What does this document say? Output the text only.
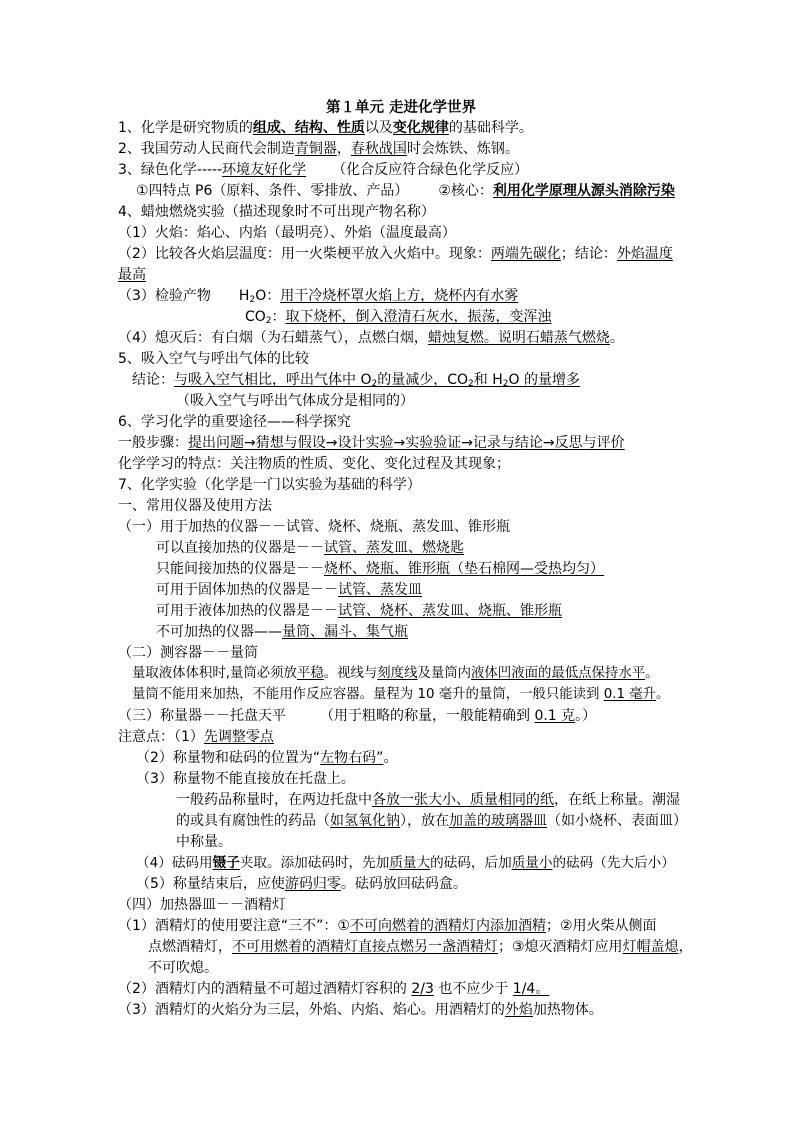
第１单元 走进化学世界
1、化学是研究物质的组成、结构、性质以及变化规律的基础科学。
2、我国劳动人民商代会制造青铜器，春秋战国时会炼铁、炼钢。
3、绿色化学-----环境友好化学 （化合反应符合绿色化学反应）
①四特点 P6（原料、条件、零排放、产品） ②核心：利用化学原理从源头消除污染
4、蜡烛燃烧实验（描述现象时不可出现产物名称）
（1）火焰：焰心、内焰（最明亮）、外焰（温度最高）
（2）比较各火焰层温度：用一火柴梗平放入火焰中。现象：两端先碳化；结论：外焰温度
最高
（3）检验产物 $H_2O$：用干冷烧杯罩火焰上方，烧杯内有水雾
$CO_2$：取下烧杯，倒入澄清石灰水，振荡，变浑浊
（4）熄灭后：有白烟（为石蜡蒸气），点燃白烟，蜡烛复燃。说明石蜡蒸气燃烧。
5、吸入空气与呼出气体的比较
结论：与吸入空气相比，呼出气体中 $O_2$的量减少，$CO_2$和 $H_2O$ 的量增多
（吸入空气与呼出气体成分是相同的）
6、学习化学的重要途径——科学探究
一般步骤：提出问题→猜想与假设→设计实验→实验验证→记录与结论→反思与评价
化学学习的特点：关注物质的性质、变化、变化过程及其现象；
7、化学实验（化学是一门以实验为基础的科学）
一、常用仪器及使用方法
（一）用于加热的仪器－－试管、烧杯、烧瓶、蒸发皿、锥形瓶
可以直接加热的仪器是－－试管、蒸发皿、燃烧匙
只能间接加热的仪器是－－烧杯、烧瓶、锥形瓶（垫石棉网—受热均匀）
可用于固体加热的仪器是－－试管、蒸发皿
可用于液体加热的仪器是－－试管、烧杯、蒸发皿、烧瓶、锥形瓶
不可加热的仪器——量筒、漏斗、集气瓶
（二）测容器－－量筒
量取液体体积时,量筒必须放平稳。视线与刻度线及量筒内液体凹液面的最低点保持水平。
量筒不能用来加热，不能用作反应容器。量程为 10 毫升的量筒，一般只能读到 0.1 毫升。
（三）称量器－－托盘天平 （用于粗略的称量，一般能精确到 0.1 克。）
注意点：（1）先调整零点
（2）称量物和砝码的位置为“左物右码”。
（3）称量物不能直接放在托盘上。
一般药品称量时，在两边托盘中各放一张大小、质量相同的纸，在纸上称量。潮湿
的或具有腐蚀性的药品（如氢氧化钠），放在加盖的玻璃器皿（如小烧杯、表面皿）
中称量。
（4）砝码用镊子夹取。添加砝码时，先加质量大的砝码，后加质量小的砝码（先大后小）
（5）称量结束后，应使游码归零。砝码放回砝码盒。
（四）加热器皿－－酒精灯
（1）酒精灯的使用要注意“三不”：①不可向燃着的酒精灯内添加酒精；②用火柴从侧面
点燃酒精灯，不可用燃着的酒精灯直接点燃另一盏酒精灯；③熄灭酒精灯应用灯帽盖熄，
不可吹熄。
（2）酒精灯内的酒精量不可超过酒精灯容积的 2/3 也不应少于 1/4。
（3）酒精灯的火焰分为三层，外焰、内焰、焰心。用酒精灯的外焰加热物体。
